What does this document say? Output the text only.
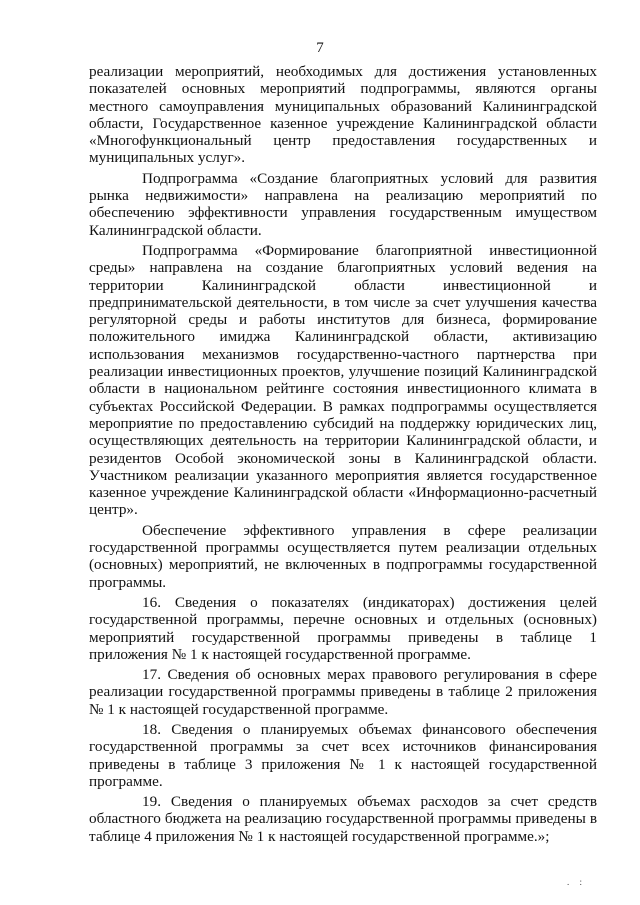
7

реализации мероприятий, необходимых для достижения установленных показателей основных мероприятий подпрограммы, являются органы местного самоуправления муниципальных образований Калининградской области, Государственное казенное учреждение Калининградской области «Многофункциональный центр предоставления государственных и муниципальных услуг».

Подпрограмма «Создание благоприятных условий для развития рынка недвижимости» направлена на реализацию мероприятий по обеспечению эффективности управления государственным имуществом Калининградской области.

Подпрограмма «Формирование благоприятной инвестиционной среды» направлена на создание благоприятных условий ведения на территории Калининградской области инвестиционной и предпринимательской деятельности, в том числе за счет улучшения качества регуляторной среды и работы институтов для бизнеса, формирование положительного имиджа Калининградской области, активизацию использования механизмов государственно-частного партнерства при реализации инвестиционных проектов, улучшение позиций Калининградской области в национальном рейтинге состояния инвестиционного климата в субъектах Российской Федерации. В рамках подпрограммы осуществляется мероприятие по предоставлению субсидий на поддержку юридических лиц, осуществляющих деятельность на территории Калининградской области, и резидентов Особой экономической зоны в Калининградской области. Участником реализации указанного мероприятия является государственное казенное учреждение Калининградской области «Информационно-расчетный центр».

Обеспечение эффективного управления в сфере реализации государственной программы осуществляется путем реализации отдельных (основных) мероприятий, не включенных в подпрограммы государственной программы.

16. Сведения о показателях (индикаторах) достижения целей государственной программы, перечне основных и отдельных (основных) мероприятий государственной программы приведены в таблице 1 приложения № 1 к настоящей государственной программе.

17. Сведения об основных мерах правового регулирования в сфере реализации государственной программы приведены в таблице 2 приложения № 1 к настоящей государственной программе.

18. Сведения о планируемых объемах финансового обеспечения государственной программы за счет всех источников финансирования приведены в таблице 3 приложения № 1 к настоящей государственной программе.

19. Сведения о планируемых объемах расходов за счет средств областного бюджета на реализацию государственной программы приведены в таблице 4 приложения № 1 к настоящей государственной программе.»;

. :
